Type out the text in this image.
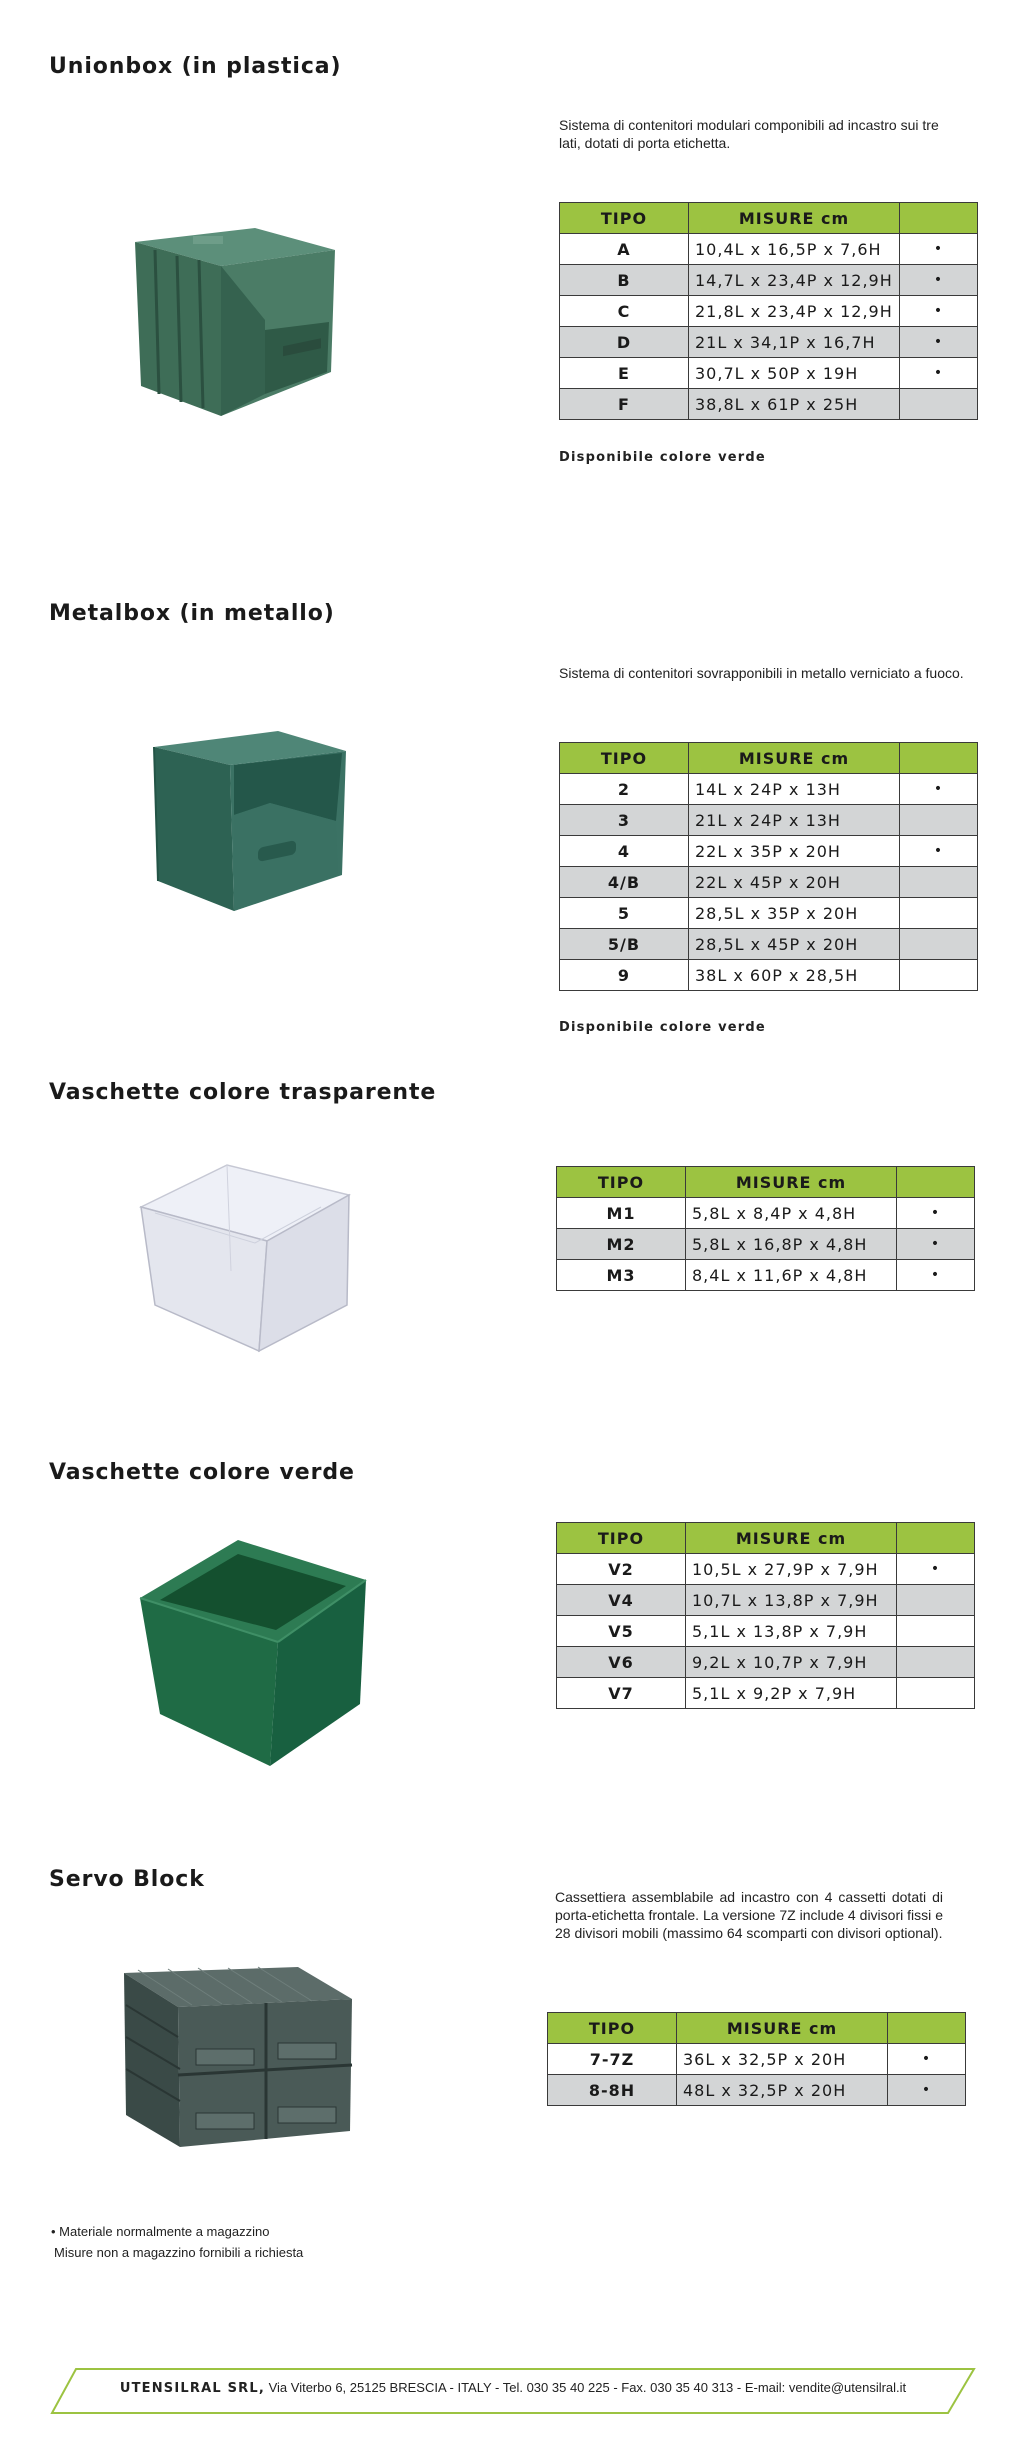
Unionbox (in plastica)

Sistema di contenitori modulari componibili ad incastro sui tre lati, dotati di porta etichetta.

TIPO	MISURE cm	
A	10,4L x 16,5P x 7,6H	•
B	14,7L x 23,4P x 12,9H	•
C	21,8L x 23,4P x 12,9H	•
D	21L x 34,1P x 16,7H	•
E	30,7L x 50P x 19H	•
F	38,8L x 61P x 25H	

Disponibile colore verde

Metalbox (in metallo)

Sistema di contenitori sovrapponibili in metallo verniciato a fuoco.

TIPO	MISURE cm	
2	14L x 24P x 13H	•
3	21L x 24P x 13H	
4	22L x 35P x 20H	•
4/B	22L x 45P x 20H	
5	28,5L x 35P x 20H	
5/B	28,5L x 45P x 20H	
9	38L x 60P x 28,5H	

Disponibile colore verde

Vaschette colore trasparente
TIPO	MISURE cm	
M1	5,8L x 8,4P x 4,8H	•
M2	5,8L x 16,8P x 4,8H	•
M3	8,4L x 11,6P x 4,8H	•
Vaschette colore verde
TIPO	MISURE cm	
V2	10,5L x 27,9P x 7,9H	•
V4	10,7L x 13,8P x 7,9H	
V5	5,1L x 13,8P x 7,9H	
V6	9,2L x 10,7P x 7,9H	
V7	5,1L x 9,2P x 7,9H	
Servo Block

Cassettiera assemblabile ad incastro con 4 cassetti dotati di porta-etichetta frontale. La versione 7Z include 4 divisori fissi e 28 divisori mobili (massimo 64 scomparti con divisori optional).

TIPO	MISURE cm	
7-7Z	36L x 32,5P x 20H	•
8-8H	48L x 32,5P x 20H	•

• Materiale normalmente a magazzino

Misure non a magazzino fornibili a richiesta

UTENSILRAL SRL, Via Viterbo 6, 25125 BRESCIA - ITALY - Tel. 030 35 40 225 - Fax. 030 35 40 313 - E-mail: vendite@utensilral.it
